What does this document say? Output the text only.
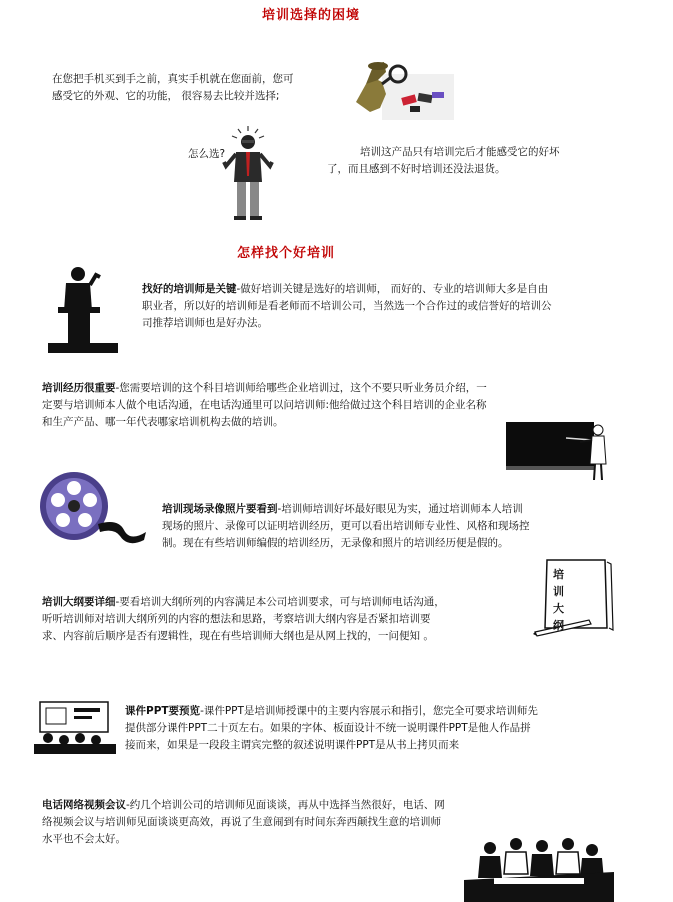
培训选择的困境
在您把手机买到手之前，真实手机就在您面前，您可
感受它的外观、它的功能， 很容易去比较并选择;
怎么选?	培训这产品只有培训完后才能感受它的好坏
了，而且感到不好时培训还没法退货。
怎样找个好培训
找好的培训师是关键-做好培训关键是选好的培训师， 而好的、专业的培训师大多是自由
职业者，所以好的培训师是看老师而不培训公司，当然选一个合作过的或信誉好的培训公
司推荐培训师也是好办法。
培训经历很重要-您需要培训的这个科目培训师给哪些企业培训过，这个不要只听业务员介绍，一
定要与培训师本人做个电话沟通，在电话沟通里可以问培训师:他给做过这个科目培训的企业名称
和生产产品、哪一年代表哪家培训机构去做的培训。
培训现场录像照片要看到-培训师培训好坏最好眼见为实，通过培训师本人培训
现场的照片、录像可以证明培训经历，更可以看出培训师专业性、风格和现场控
制。现在有些培训师编假的培训经历，无录像和照片的培训经历便是假的。
培训大纲要详细-要看培训大纲所列的内容满足本公司培训要求，可与培训师电话沟通，
听听培训师对培训大纲所列的内容的想法和思路，考察培训大纲内容是否紧扣培训要
求、内容前后顺序是否有逻辑性，现在有些培训师大纲也是从网上找的，一问便知 。
培训大纲
课件PPT要预览-课件PPT是培训师授课中的主要内容展示和指引，您完全可要求培训师先
提供部分课件PPT二十页左右。如果的字体、板面设计不统一说明课件PPT是他人作品拼
接而来，如果是一段段主谓宾完整的叙述说明课件PPT是从书上拷贝而来
电话网络视频会议-约几个培训公司的培训师见面谈谈，再从中选择当然很好，电话、网
络视频会议与培训师见面谈谈更高效，再说了生意闹到有时间东奔西颠找生意的培训师
水平也不会太好。
